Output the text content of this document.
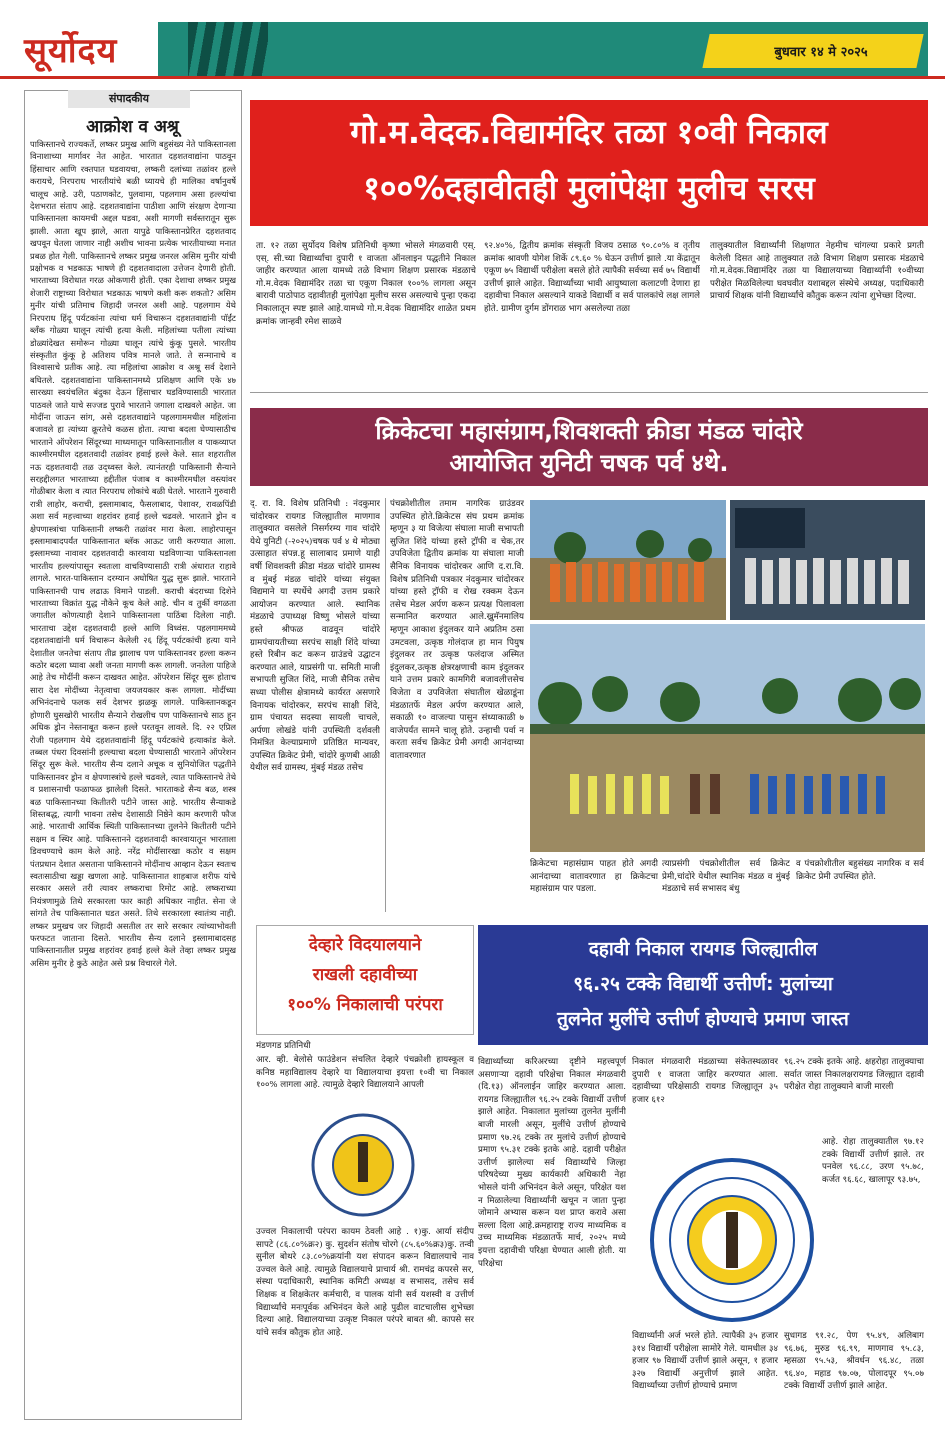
सूर्योदय	बुधवार १४ मे २०२५
संपादकीय
आक्रोश व अश्रू
पाकिस्तानचे राज्यकर्ते, लष्कर प्रमुख आणि बहुसंख्य नेते पाकिस्तानला विनाशाच्या मार्गावर नेत आहेत. भारतात दहशतवाद्यांना पाठवून हिंसाचार आणि रक्तपात घडवायचा, लष्करी दलांच्या तळांवर हल्ले करायचे, निरपराध भारतीयांचे बळी घ्यायचे ही मालिका वर्षानुवर्षे चालूच आहे. उरी, पठाणकोट, पुलवामा, पहलगाम असा हल्ल्यांचा देशभरात संताप आहे. दहशतवाद्यांना पाठीशा आणि संरक्षण देणाऱ्या पाकिस्तानला कायमची अद्दल घडवा, अशी मागणी सर्वस्तरातून सुरू झाली. आता खूप झाले, आता यापुढे पाकिस्तानप्रेरित दहशतवाद खपवून घेतला जाणार नाही अशीच भावना प्रत्येक भारतीयाच्या मनात प्रबळ होत गेली. पाकिस्तानचे लष्कर प्रमुख जनरल असिम मुनीर यांची प्रक्षोभक व भडकाऊ भाषणे ही दहशतवादाला उत्तेजन देणारी होती. भारताच्या विरोधात गरळ ओकणारी होती. एका देशाचा लष्कर प्रमुख शेजारी राष्ट्राच्या विरोधात भडकाऊ भाषणे कशी करू शकतो? असिम मुनीर यांची प्रतिमाच जिहादी जनरल अशी आहे. पहलगाम येथे निरपराध हिंदू पर्यटकांना त्यांचा धर्म विचारून दहशतवाद्यांनी पॉईंट ब्लँक गोळ्या घालून त्यांची हत्या केली. महिलांच्या पतीला त्यांच्या डोळ्यांदेखत समोरून गोळ्या घालून त्यांचे कुंकू पुसले. भारतीय संस्कृतीत कुंकू हे अतिशय पवित्र मानले जाते. ते सन्मानाचे व विश्वासाचे प्रतीक आहे. त्या महिलांचा आक्रोश व अश्रू सर्व देशाने बघितले. दहशतवाद्यांना पाकिस्तानमध्ये प्रशिक्षण आणि एके ४७ सारख्या स्वयंचलित बंदुका देऊन हिंसाचार घडविण्यासाठी भारतात पाठवले जाते याचे सज्जड पुरावे भारताने जगाला दाखवले आहेत. जा मोदींना जाऊन सांग, असे दहशतवाद्यांने पहलगाममधील महिलांना बजावले हा त्यांच्या क्रूरतेचे कळस होता. त्याचा बदला घेण्यासाठीच भारताने ऑपरेशन सिंदूरच्या माध्यमातून पाकिस्तानातील व पाकव्याप्त काश्मीरमधील दहशतवादी तळांवर हवाई हल्ले केले. सात शहरातील नऊ दहशतवादी तळ उद्ध्वस्त केले. त्यानंतरही पाकिस्तानी सैन्याने सरहद्दीलगत भारताच्या हद्दीतील पंजाब व काश्मीरमधील वस्त्यांवर गोळीबार केला व त्यात निरपराध लोकांचे बळी घेतले. भारताने गुरुवारी रात्री लाहोर, कराची, इस्लामाबाद, फैसलाबाद, पेशावर, रावळपिंडी अशा सर्व महत्त्वाच्या शहरांवर हवाई हल्ले चढवले. भारताने ड्रोन व क्षेपणास्त्रांचा पाकिस्तानी लष्करी तळांवर मारा केला. लाहोरपासून इस्लामाबादपर्यंत पाकिस्तानात ब्लॅक आऊट जारी करण्यात आला. इस्लामच्या नावावर दहशतवादी कारवाया घडविणाऱ्या पाकिस्तानला भारतीय हल्ल्यांपासून स्वतःला वाचविण्यासाठी रात्री अंधारात राहावे लागले. भारत-पाकिस्तान दरम्यान अघोषित युद्ध सुरू झाले. भारताने पाकिस्तानची पाच लढाऊ विमाने पाडली. कराची बंदराच्या दिशेने भारताच्या विक्रांत युद्ध नौकेने कूच केले आहे. चीन व तुर्की वगळता जगातील कोणत्याही देशाने पाकिस्तानला पाठिंबा दिलेला नाही. भारताचा उद्देश दहशतवादी हल्ले आणि विध्वंस. पहलगाममध्ये दहशतवाद्यांनी धर्म विचारून केलेली २६ हिंदू पर्यटकांची हत्या याने देशातील जनतेचा संताप तीव्र झालाच पण पाकिस्तानवर हल्ला करून कठोर बदला घ्यावा अशी जनता मागणी करू लागली. जनतेला पाहिजे आहे तेच मोदींनी करून दाखवत आहेत. ऑपरेशन सिंदूर सुरू होताच सारा देश मोदींच्या नेतृत्वाचा जयजयकार करू लागला. मोदींच्या अभिनंदनाचे फलक सर्व देशभर झळकू लागले. पाकिस्तानकडून होणारी घुसखोरी भारतीय सैन्याने रोखलीच पण पाकिस्तानचे साठ हून अधिक ड्रोन नेस्तनाबूत करून हल्ले परतवून लावले. दि. २२ एप्रिल रोजी पहलगाम येथे दहशतवाद्यांनी हिंदू पर्यटकांचे हत्याकांड केले. तब्बल पंधरा दिवसांनी हल्ल्याचा बदला घेण्यासाठी भारताने ऑपरेशन सिंदूर सुरू केले. भारतीय सैन्य दलाने अचूक व सुनियोजित पद्धतीने पाकिस्तानवर ड्रोन व क्षेपणास्त्रांचे हल्ले चढवले, त्यात पाकिस्तानचे तेथे व प्रशासनाची फळाफळ झालेली दिसते. भारताकडे सैन्य बळ, शस्त्र बळ पाकिस्तानच्या कितीतरी पटीने जास्त आहे. भारतीय सैन्याकडे शिस्तबद्ध, त्यागी भावना तसेच देशासाठी निष्ठेने काम करणारी फौज आहे. भारताची आर्थिक स्थिती पाकिस्तानच्या तुलनेने कितीतरी पटीने सक्षम व स्थिर आहे. पाकिस्तानने दहशतवादी कारवायातून भारताला डिवचण्याचे काम केले आहे. नरेंद्र मोदींसारखा कठोर व सक्षम पंतप्रधान देशात असताना पाकिस्तानने मोदींनाच आव्हान देऊन स्वतःच स्वतःसाठीचा खड्डा खणला आहे. पाकिस्तानात शाहबाज शरीफ यांचे सरकार असले तरी त्यावर लष्कराचा रिमोट आहे. लष्कराच्या नियंत्रणामुळे तिथे सरकारला फार काही अधिकार नाहीत. सेना जे सांगते तेच पाकिस्तानात घडत असते. तिथे सरकारला स्वातंत्र्य नाही. लष्कर प्रमुखच जर जिहादी असतील तर सारे सरकार त्यांच्याभोवती फरफटत जाताना दिसते. भारतीय सैन्य दलाने इस्लामाबादसह पाकिस्तानातील प्रमुख शहरांवर हवाई हल्ले केले तेव्हा लष्कर प्रमुख असिम मुनीर हे कुठे आहेत असे प्रश्न विचारले गेले.
गो.म.वेदक.विद्यामंदिर तळा १०वी निकाल
१००%दहावीतही मुलांपेक्षा मुलीच सरस
ता. १२ तळा सुर्योदय विशेष प्रतिनिधी कृष्णा भोसले मंगळवारी एस्. एस्. सी.च्या विद्यार्थ्यांचा दुपारी १ वाजता ऑनलाइन पद्धतीने निकाल जाहीर करण्यात आला यामध्ये तळे विभाग शिक्षण प्रसारक मंडळाचे गो.म.वेदक विद्यामंदिर तळा चा एकूण निकाल १००% लागला असून बारावी पाठोपाठ दहावीतही मुलांपेक्षा मुलीच सरस असल्याचे पुन्हा एकदा निकालातून स्पष्ट झाले आहे.यामध्ये गो.म.वेदक विद्यामंदिर शाळेत प्रथम क्रमांक जान्हवी रमेश साळवे
९२.४०%, द्वितीय क्रमांक संस्कृती विजय ठसाळ ९०.८०% व तृतीय क्रमांक श्रावणी योगेश शिर्के ८९.६० % घेऊन उत्तीर्ण झाले .या केंद्रातून एकूण ७५ विद्यार्थी परीक्षेला बसले होते त्यापैकी सर्वच्या सर्व ७५ विद्यार्थी उत्तीर्ण झाले आहेत. विद्यार्थ्यांच्या भावी आयुष्याला कलाटणी देणारा हा दहावीचा निकाल असल्याने याकडे विद्यार्थी व सर्व पालकांचे लक्ष लागले होते. ग्रामीण दुर्गम डोंगराळ भाग असलेल्या तळा
तालुक्यातील विद्यार्थ्यांनी शिक्षणात नेहमीच चांगल्या प्रकारे प्रगती केलेली दिसत आहे तालुक्यात तळे विभाग शिक्षण प्रसारक मंडळाचे गो.म.वेदक.विद्यामंदिर तळा या विद्यालयाच्या विद्यार्थ्यांनी १०वीच्या परीक्षेत मिळविलेल्या घवघवीत यशाबद्दल संस्थेचे अध्यक्ष, पदाधिकारी प्राचार्य शिक्षक यांनी विद्यार्थ्यांचे कौतुक करून त्यांना शुभेच्छा दिल्या.
क्रिकेटचा महासंग्राम,शिवशक्ती क्रीडा मंडळ चांदोरे
आयोजित युनिटी चषक पर्व ४थे.
द्. रा. वि. विशेष प्रतिनिधी : नंदकुमार चांदोरकर रायगड जिल्ह्यातील माणगाव तालुक्यात वसलेले निसर्गरम्य गाव चांदोरे येथे युनिटी (-२०२५)चषक पर्व ४ थे मोठ्या उत्साहात संपन्न.हू सालाबाद प्रमाणे याही वर्षी शिवशक्ती क्रीडा मंडळ चांदोरे ग्रामस्थ व मुंबई मंडळ चांदोरे यांच्या संयुक्त विद्यमाने या स्पर्धेचे अगदी उत्तम प्रकारे आयोजन करण्यात आले. स्थानिक मंडळाचे उपाध्यक्ष विष्णु भोसले यांच्या हस्ते श्रीफळ वाढवून चांदोरे ग्रामपंचायतीच्या सरपंच साक्षी शिंदे यांच्या हस्ते रिबीन कट करून ग्राउंडचे उद्घाटन करण्यात आले, याप्रसंगी पा. समिती माजी सभापती सुजित शिंदे, माजी सैनिक तसेच सध्या पोलीस क्षेत्रामध्ये कार्यरत असणारे विनायक चांदोरकर, सरपंच साक्षी शिंदे, ग्राम पंचायत सदस्या सायली चाचले, अर्पणा लोखंडे यांनी उपस्थिती दर्शवली निमंत्रित केल्याप्रमाणे प्रतिष्ठित मान्यवर, उपस्थित क्रिकेट प्रेमी, चांदोरे कुणबी आळी येथील सर्व ग्रामस्थ, मुंबई मंडळ तसेच
पंचक्रोशीतील तमाम नागरिक ग्राउंडवर उपस्थित होते.क्रिकेटस संघ प्रथम क्रमांक म्हणून ३ या विजेत्या संघाला माजी सभापती सुजित शिंदे यांच्या हस्ते ट्रॉफी व चेक,तर उपविजेता द्वितीय क्रमांक या संघाला माजी सैनिक विनायक चांदोरकर आणि द.रा.वि. विशेष प्रतिनिधी पत्रकार नंदकुमार चांदोरकर यांच्या हस्ते ट्रॉफी व रोख रक्कम देऊन तसेच मेडल अर्पण करून प्रत्यक्ष पिलावला सन्मानित करण्यात आले.ख्रुमॅनमालिय म्हणून आकाश इंदुलकर याने अप्रतिम ठसा उमटवला, उत्कृष्ठ गोलंदाज हा मान पियुष इंदुलकर तर उत्कृष्ठ फलंदाज अस्मित इंदुलकर,उत्कृष्ठ क्षेत्ररक्षणाची काम इंदुलकर याने उत्तम प्रकारे कामगिरी बजावलीत्तसेच विजेता व उपविजेता संघातील खेळाडूंना मंडळातर्फे मेडल अर्पण करण्यात आले, सकाळी १० वाजल्या पासुन संध्याकाळी ७ वाजेपर्यंत सामने चालू होते. उन्हाची पर्वा न करता सर्वच क्रिकेट प्रेमी अगदी आनंदाच्या वातावरणात
क्रिकेटचा महासंग्राम पाहत होते अगदी आनंदाच्या वातावरणात हा क्रिकेटचा महासंग्राम पार पडला.
त्याप्रसंगी पंचक्रोशीतील सर्व क्रिकेट प्रेमी,चांदोरे येथील स्थानिक मंडळ व मुंबई मंडळाचे सर्व सभासद बंधु
व पंचक्रोशीतील बहुसंख्य नागरिक व सर्व क्रिकेट प्रेमी उपस्थित होते.
देव्हारे विदयालयाने
राखली दहावीच्या
१००% निकालाची परंपरा
मंडणगड प्रतिनिधी
आर. व्ही. बेलोसे फाउंडेशन संचलित देव्हारे पंचक्रोशी हायस्कूल व कनिष्ठ महाविद्यालय देव्हारे या विद्यालयाचा इयत्ता १०वी चा निकाल १००% लागला आहे. त्यामुळे देव्हारे विद्यालयाने आपली
उज्वल निकालाची परंपरा कायम ठेवली आहे . १)कु. आर्या संदीप सापटे (८६.८०%क्र२) कु. सुदर्शन संतोष चोरगे (८५.६०%क्र३)कु. तन्वी सुनील बोथरे ८३.८०%क्रयांनी यश संपादन करून विद्यालयाचे नाव उज्वल केले आहे. त्यामुळे विद्यालयाचे प्राचार्य श्री. रामचंद्र कपरसे सर, संस्था पदाधिकारी, स्थानिक कमिटी अध्यक्ष व सभासद, तसेच सर्व शिक्षक व शिक्षकेतर कर्मचारी, व पालक यांनी सर्व यशस्वी व उत्तीर्ण विद्यार्थ्यांचे मनःपूर्वक अभिनंदन केले आहे पुढील वाटचालीस शुभेच्छा दिल्या आहे. विद्यालयाच्या उत्कृष्ट निकाल परंपरे बाबत श्री. कापसे सर यांचे सर्वत्र कौतुक होत आहे.
दहावी निकाल रायगड जिल्ह्यातील
९६.२५ टक्के विद्यार्थी उत्तीर्ण: मुलांच्या
तुलनेत मुलींचे उत्तीर्ण होण्याचे प्रमाण जास्त
विद्यार्थ्यांच्या करिअरच्या दृष्टीने महत्त्वपूर्ण असणाऱ्या दहावी परिक्षेचा निकाल मंगळवारी (दि.१३) ऑनलाईन जाहिर करण्यात आला. रायगड जिल्ह्यातील ९६.२५ टक्के विद्यार्थी उत्तीर्ण झाले आहेत. निकालात मुलांच्या तुलनेत मुलींनी बाजी मारली असून, मुलींचे उत्तीर्ण होण्याचे प्रमाण ९७.२६ टक्के तर मुलांचे उत्तीर्ण होण्याचे प्रमाण ९५.३१ टक्के इतके आहे. दहावी परीक्षेत उत्तीर्ण झालेल्या सर्व विद्यार्थ्यांचे जिल्हा परिषदेच्या मुख्य कार्यकारी अधिकारी नेहा भोसले यांनी अभिनंदन केले असून, परिक्षेत यश न मिळालेल्या विद्यार्थ्यांनी खचून न जाता पुन्हा जोमाने अभ्यास करून यश प्राप्त करावे असा सल्ला दिला आहे.क्रमहाराष्ट्र राज्य माध्यमिक व उच्च माध्यमिक मंडळातर्फे मार्च, २०२५ मध्ये इयत्ता दहावीची परिक्षा घेण्यात आली होती. या परिक्षेचा
निकाल मंगळवारी मंडळाच्या संकेतस्थळावर दुपारी १ वाजता जाहिर करण्यात आला. दहावीच्या परिक्षेसाठी रायगड जिल्ह्यातून ३५ हजार ६१२
९६.२५ टक्के इतके आहे. क्षहरोहा तालुक्याचा सर्वात जास्त निकालक्षरायगड जिल्ह्यात दहावी परीक्षेत रोहा तालुक्याने बाजी मारली
आहे. रोहा तालुक्यातील ९७.१२ टक्के विद्यार्थी उत्तीर्ण झाले. तर पनवेल ९६.८८, उरण ९५.७८, कर्जत ९६.६८, खालापूर ९३.७५,
विद्यार्थ्यांनी अर्ज भरले होते. त्यापैकी ३५ हजार ३१४ विद्यार्थी परीक्षेला सामोरे गेले. यामधील ३४ हजार ९७ विद्यार्थी उत्तीर्ण झाले असून, १ हजार ३२७ विद्यार्थी अनुत्तीर्ण झाले आहेत. विद्यार्थ्यांच्या उत्तीर्ण होण्याचे प्रमाण
सुधागड ९१.२८, पेण ९५.४९, अलिबाग ९६.७६, मुरुड ९६.९९, माणगाव ९५.८३, म्हसळा ९५.५३, श्रीवर्धन ९६.४८, तळा ९६.४०, महाड ९७.०७, पोलादपूर ९५.०७ टक्के विद्यार्थी उत्तीर्ण झाले आहेत.
